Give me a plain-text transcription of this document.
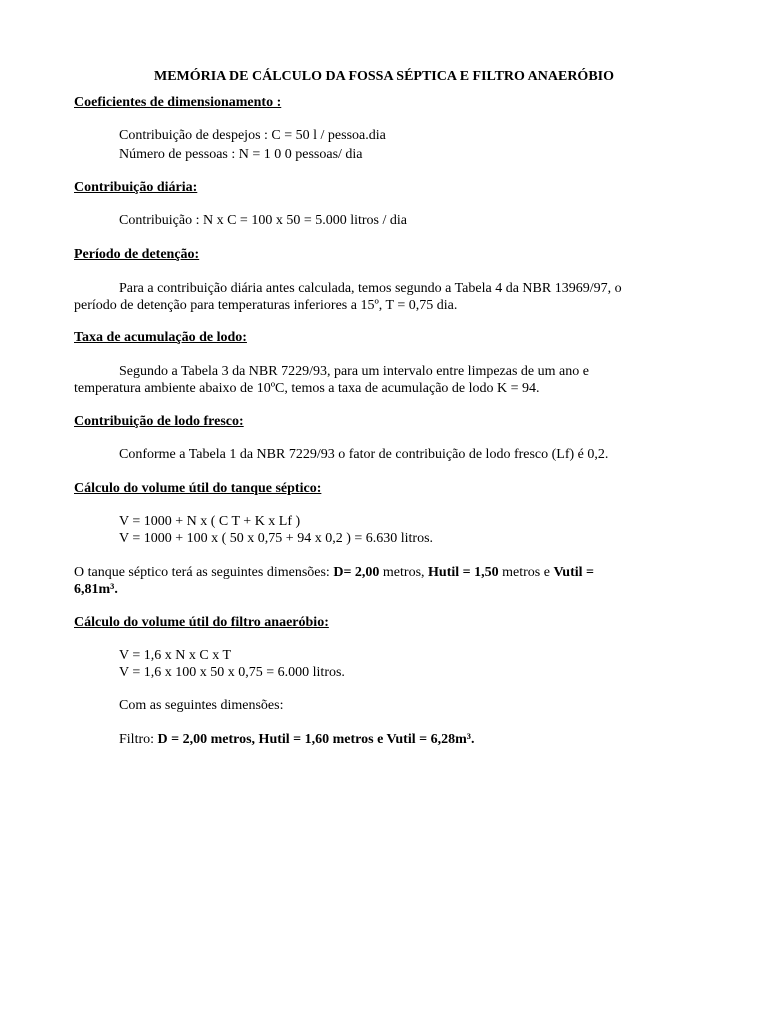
MEMÓRIA DE CÁLCULO DA FOSSA SÉPTICA E FILTRO ANAERÓBIO

Coeficientes de dimensionamento :

Contribuição de despejos : C = 50 l / pessoa.dia

Número de pessoas : N = 1 0 0 pessoas/ dia

Contribuição diária:

Contribuição : N x C = 100 x 50 = 5.000 litros / dia

Período de detenção:

Para a contribuição diária antes calculada, temos segundo a Tabela 4 da NBR 13969/97, o

período de detenção para temperaturas inferiores a 15º, T = 0,75 dia.

Taxa de acumulação de lodo:

Segundo a Tabela 3 da NBR 7229/93, para um intervalo entre limpezas de um ano e

temperatura ambiente abaixo de 10ºC, temos a taxa de acumulação de lodo K = 94.

Contribuição de lodo fresco:

Conforme a Tabela 1 da NBR 7229/93 o fator de contribuição de lodo fresco (Lf) é 0,2.

Cálculo do volume útil do tanque séptico:

V = 1000 + N x ( C T + K x Lf )

V = 1000 + 100 x ( 50 x 0,75 + 94 x 0,2 ) = 6.630 litros.

O tanque séptico terá as seguintes dimensões: D= 2,00 metros, Hutil = 1,50 metros e Vutil =

6,81m³.

Cálculo do volume útil do filtro anaeróbio:

V = 1,6 x N x C x T

V = 1,6 x 100 x 50 x 0,75 = 6.000 litros.

Com as seguintes dimensões:

Filtro: D = 2,00 metros, Hutil = 1,60 metros e Vutil = 6,28m³.
